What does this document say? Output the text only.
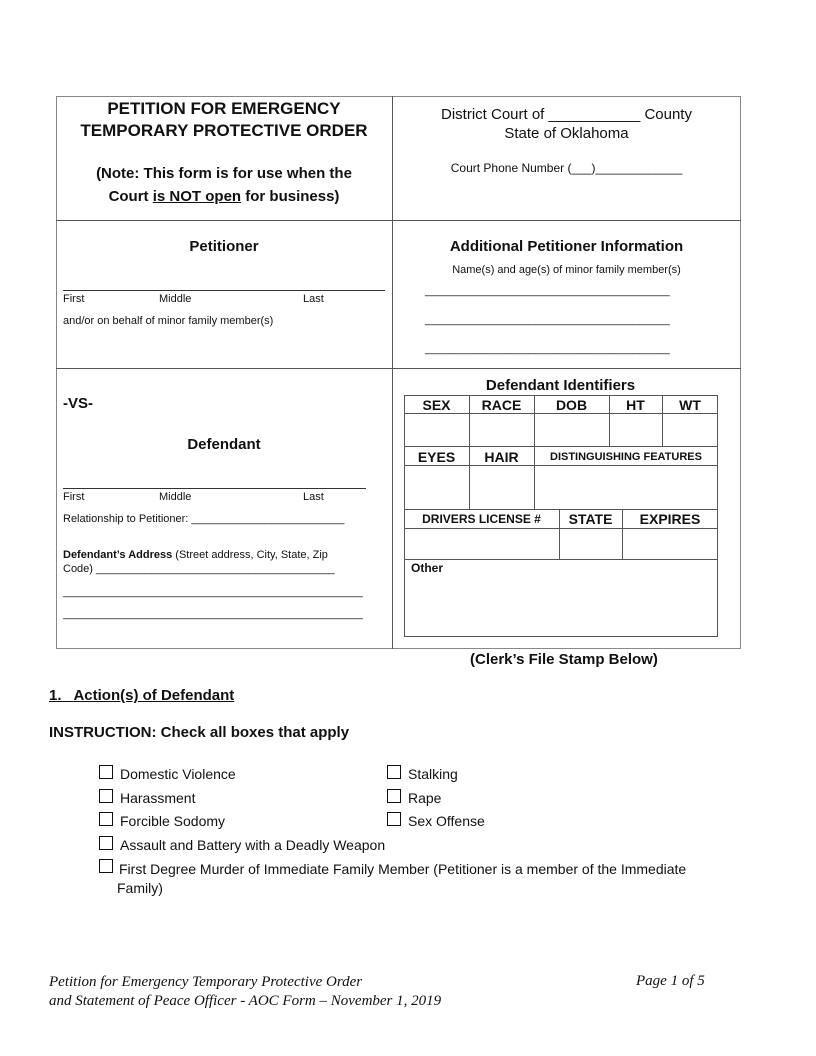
PETITION FOR EMERGENCY
TEMPORARY PROTECTIVE ORDER
(Note: This form is for use when the
Court is NOT open for business)
District Court of ___________ County
State of Oklahoma
Court Phone Number (___)_____________
Petitioner
First	Middle	Last
and/or on behalf of minor family member(s)
Additional Petitioner Information
Name(s) and age(s) of minor family member(s)
________________________________________
________________________________________
________________________________________
-VS-
Defendant
First	Middle	Last
Relationship to Petitioner: _________________________
Defendant’s Address (Street address, City, State, Zip
Code) _______________________________________
_________________________________________________
_________________________________________________
Defendant Identifiers
SEX	RACE	DOB	HT	WT
EYES	HAIR	DISTINGUISHING FEATURES
DRIVERS LICENSE #	STATE	EXPIRES
Other
(Clerk’s File Stamp Below)
1.   Action(s) of Defendant
INSTRUCTION: Check all boxes that apply
Domestic Violence
Harassment
Forcible Sodomy
Assault and Battery with a Deadly Weapon
Stalking
Rape
Sex Offense
First Degree Murder of Immediate Family Member (Petitioner is a member of the Immediate
Family)
Petition for Emergency Temporary Protective Order
and Statement of Peace Officer - AOC Form – November 1, 2019
Page 1 of 5
